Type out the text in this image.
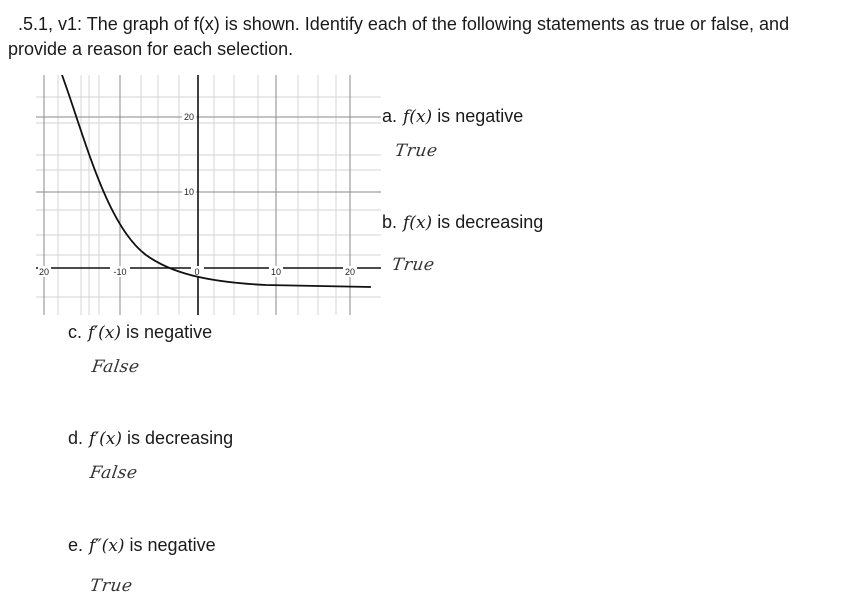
.5.1, v1: The graph of f(x) is shown. Identify each of the following statements as true or false, and
provide a reason for each selection.
20	-10	0	10	20
20
10
a. f(x) is negative
True
b. f(x) is decreasing
True
c. f′(x) is negative
False
d. f′(x) is decreasing
False
e. f″(x) is negative
True
